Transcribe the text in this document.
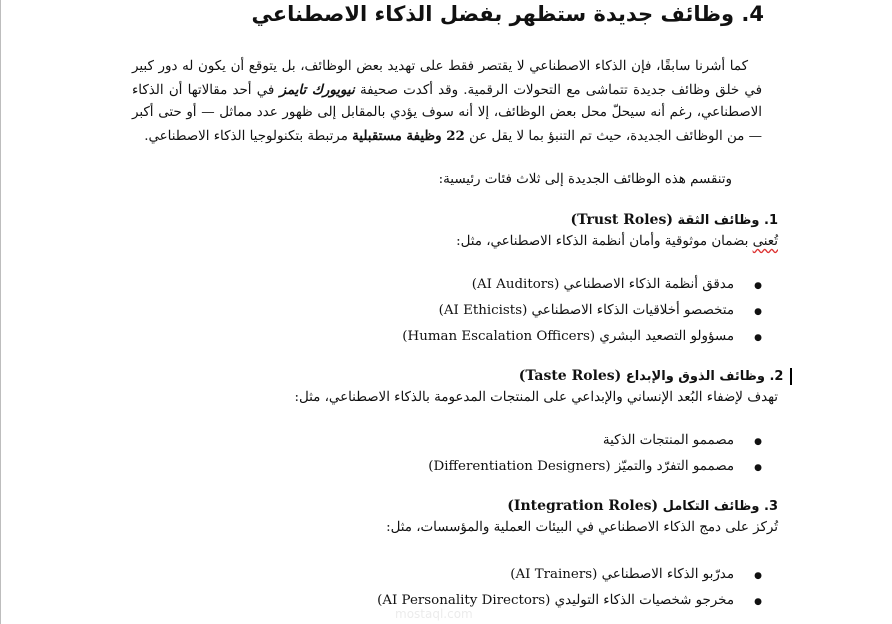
4. وظائف جديدة ستظهر بفضل الذكاء الاصطناعي

كما أشرنا سابقًا، فإن الذكاء الاصطناعي لا يقتصر فقط على تهديد بعض الوظائف، بل يتوقع أن يكون له دور كبير في خلق وظائف جديدة تتماشى مع التحولات الرقمية. وقد أكدت صحيفة نيويورك تايمز في أحد مقالاتها أن الذكاء الاصطناعي، رغم أنه سيحلّ محل بعض الوظائف، إلا أنه سوف يؤدي بالمقابل إلى ظهور عدد مماثل — أو حتى أكبر — من الوظائف الجديدة، حيث تم التنبؤ بما لا يقل عن 22 وظيفة مستقبلية مرتبطة بتكنولوجيا الذكاء الاصطناعي.

وتنقسم هذه الوظائف الجديدة إلى ثلاث فئات رئيسية:
1. وظائف الثقة (Trust Roles)
تُعنى بضمان موثوقية وأمان أنظمة الذكاء الاصطناعي، مثل:
● مدقق أنظمة الذكاء الاصطناعي (AI Auditors)
● متخصصو أخلاقيات الذكاء الاصطناعي (AI Ethicists)
● مسؤولو التصعيد البشري (Human Escalation Officers)
2. وظائف الذوق والإبداع (Taste Roles)
تهدف لإضفاء البُعد الإنساني والإبداعي على المنتجات المدعومة بالذكاء الاصطناعي، مثل:
● مصممو المنتجات الذكية
● مصممو التفرّد والتميّز (Differentiation Designers)
3. وظائف التكامل (Integration Roles)
تُركز على دمج الذكاء الاصطناعي في البيئات العملية والمؤسسات، مثل:
● مدرّبو الذكاء الاصطناعي (AI Trainers)
● مخرجو شخصيات الذكاء التوليدي (AI Personality Directors)
mostaql.com
